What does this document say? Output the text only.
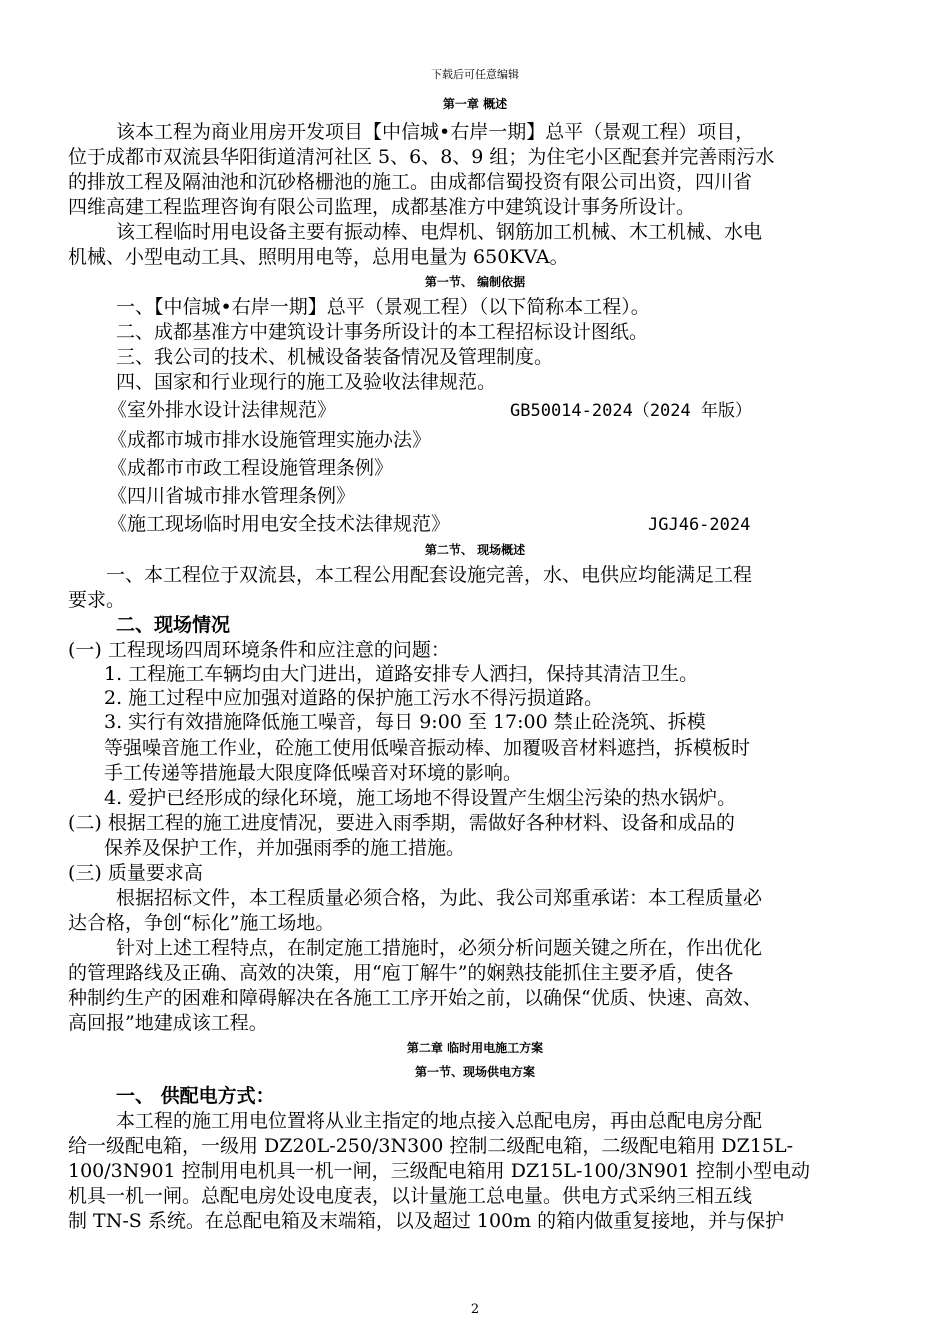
下载后可任意编辑
第一章 概述
该本工程为商业用房开发项目【中信城•右岸一期】总平（景观工程）项目，
位于成都市双流县华阳街道清河社区 5、6、8、9 组；为住宅小区配套并完善雨污水
的排放工程及隔油池和沉砂格栅池的施工。由成都信蜀投资有限公司出资，四川省
四维高建工程监理咨询有限公司监理，成都基准方中建筑设计事务所设计。
该工程临时用电设备主要有振动棒、电焊机、钢筋加工机械、木工机械、水电
机械、小型电动工具、照明用电等，总用电量为 650KVA。
第一节、 编制依据
一、【中信城•右岸一期】总平（景观工程）（以下简称本工程）。
二、成都基准方中建筑设计事务所设计的本工程招标设计图纸。
三、我公司的技术、机械设备装备情况及管理制度。
四、国家和行业现行的施工及验收法律规范。
《室外排水设计法律规范》	GB50014-2024（2024 年版）
《成都市城市排水设施管理实施办法》
《成都市市政工程设施管理条例》
《四川省城市排水管理条例》
《施工现场临时用电安全技术法律规范》	JGJ46-2024
第二节、 现场概述
一、本工程位于双流县，本工程公用配套设施完善，水、电供应均能满足工程
要求。
二、现场情况
(一) 工程现场四周环境条件和应注意的问题：
1. 工程施工车辆均由大门进出，道路安排专人洒扫，保持其清洁卫生。
2. 施工过程中应加强对道路的保护施工污水不得污损道路。
3. 实行有效措施降低施工噪音，每日 9:00 至 17:00 禁止砼浇筑、拆模
等强噪音施工作业，砼施工使用低噪音振动棒、加覆吸音材料遮挡，拆模板时
手工传递等措施最大限度降低噪音对环境的影响。
4. 爱护已经形成的绿化环境，施工场地不得设置产生烟尘污染的热水锅炉。
(二) 根据工程的施工进度情况，要进入雨季期，需做好各种材料、设备和成品的
保养及保护工作，并加强雨季的施工措施。
(三) 质量要求高
根据招标文件，本工程质量必须合格，为此、我公司郑重承诺：本工程质量必
达合格，争创“标化”施工场地。
针对上述工程特点，在制定施工措施时，必须分析问题关键之所在，作出优化
的管理路线及正确、高效的决策，用“庖丁解牛”的娴熟技能抓住主要矛盾，使各
种制约生产的困难和障碍解决在各施工工序开始之前，以确保“优质、快速、高效、
高回报”地建成该工程。
第二章 临时用电施工方案
第一节、现场供电方案
一、 供配电方式：
本工程的施工用电位置将从业主指定的地点接入总配电房，再由总配电房分配
给一级配电箱，一级用 DZ20L-250/3N300 控制二级配电箱，二级配电箱用 DZ15L-
100/3N901 控制用电机具一机一闸，三级配电箱用 DZ15L-100/3N901 控制小型电动
机具一机一闸。总配电房处设电度表，以计量施工总电量。供电方式采纳三相五线
制 TN-S 系统。在总配电箱及末端箱，以及超过 100m 的箱内做重复接地，并与保护
2
